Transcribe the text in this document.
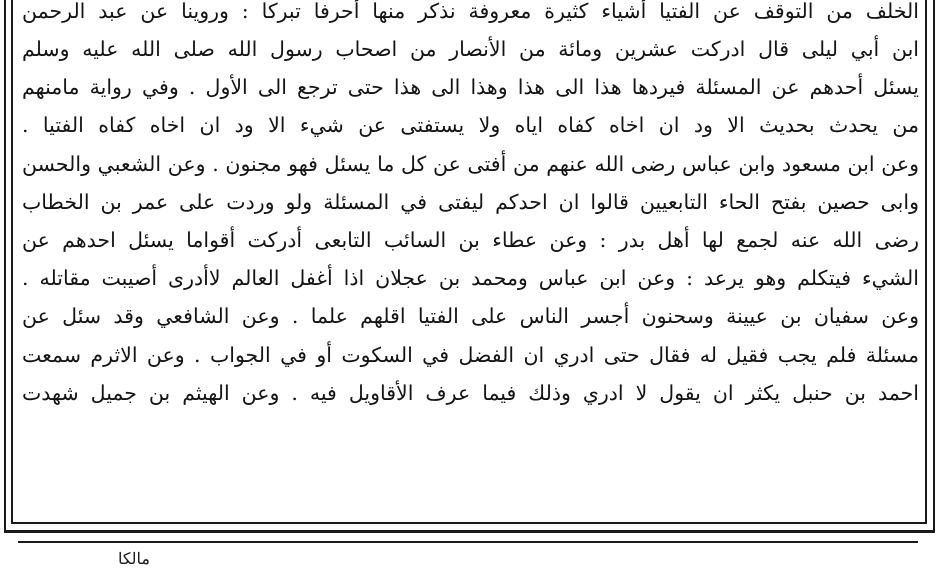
الخلف من التوقف عن الفتيا أشياء كثيرة معروفة نذكر منها أحرفا تبركا : وروينا عن عبد الرحمن
ابن أبي ليلى قال ادركت عشرين ومائة من الأنصار من اصحاب رسول الله صلى الله عليه وسلم
يسئل أحدهم عن المسئلة فيردها هذا الى هذا وهذا الى هذا حتى ترجع الى الأول . وفي رواية مامنهم
من يحدث بحديث الا ود ان اخاه كفاه اياه ولا يستفتى عن شيء الا ود ان اخاه كفاه الفتيا .
وعن ابن مسعود وابن عباس رضى الله عنهم من أفتى عن كل ما يسئل فهو مجنون . وعن الشعبي والحسن
وابى حصين بفتح الحاء التابعيين قالوا ان احدكم ليفتى في المسئلة ولو وردت على عمر بن الخطاب
رضى الله عنه لجمع لها أهل بدر : وعن عطاء بن السائب التابعى أدركت أقواما يسئل احدهم عن
الشيء فيتكلم وهو يرعد : وعن ابن عباس ومحمد بن عجلان اذا أغفل العالم لاأدرى أصيبت مقاتله .
وعن سفيان بن عيينة وسحنون أجسر الناس على الفتيا اقلهم علما . وعن الشافعي وقد سئل عن
مسئلة فلم يجب فقيل له فقال حتى ادري ان الفضل في السكوت أو في الجواب . وعن الاثرم سمعت
احمد بن حنبل يكثر ان يقول لا ادري وذلك فيما عرف الأقاويل فيه . وعن الهيثم بن جميل شهدت
مالكا
